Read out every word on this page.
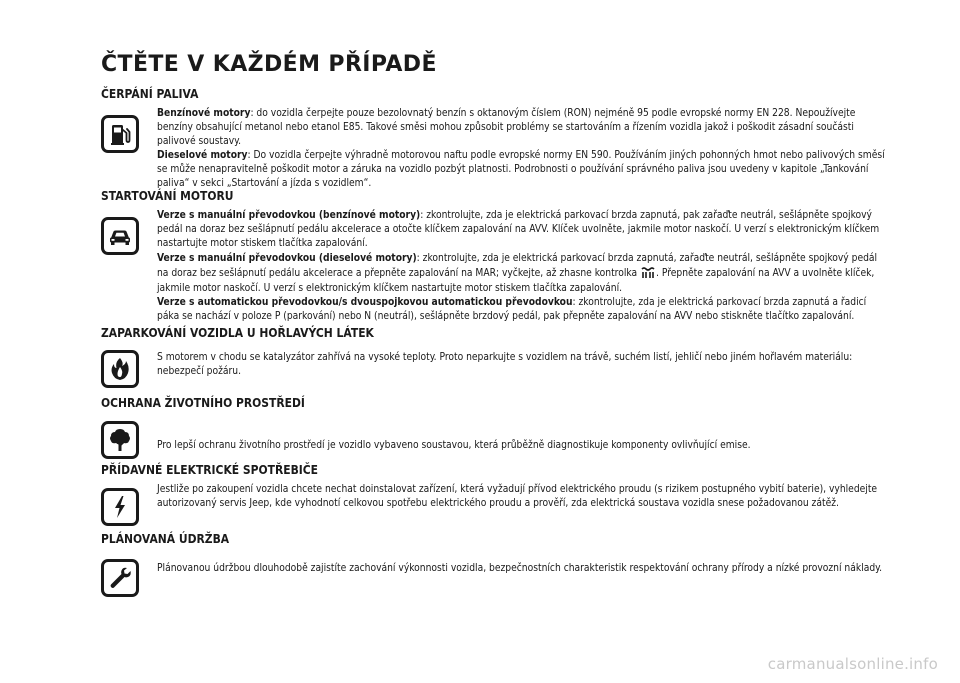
ČTĚTE V KAŽDÉM PŘÍPADĚ
ČERPÁNÍ PALIVA

Benzínové motory: do vozidla čerpejte pouze bezolovnatý benzín s oktanovým číslem (RON) nejméně 95 podle evropské normy EN 228. Nepoužívejte benzíny obsahující metanol nebo etanol E85. Takové směsi mohou způsobit problémy se startováním a řízením vozidla jakož i poškodit zásadní součásti palivové soustavy.

Dieselové motory: Do vozidla čerpejte výhradně motorovou naftu podle evropské normy EN 590. Používáním jiných pohonných hmot nebo palivových směsí se může nenapravitelně poškodit motor a záruka na vozidlo pozbýt platnosti. Podrobnosti o používání správného paliva jsou uvedeny v kapitole „Tankování paliva“ v sekci „Startování a jízda s vozidlem“.

STARTOVÁNÍ MOTORU

Verze s manuální převodovkou (benzínové motory): zkontrolujte, zda je elektrická parkovací brzda zapnutá, pak zařaďte neutrál, sešlápněte spojkový pedál na doraz bez sešlápnutí pedálu akcelerace a otočte klíčkem zapalování na AVV. Klíček uvolněte, jakmile motor naskočí. U verzí s elektronickým klíčkem nastartujte motor stiskem tlačítka zapalování.

Verze s manuální převodovkou (dieselové motory): zkontrolujte, zda je elektrická parkovací brzda zapnutá, zařaďte neutrál, sešlápněte spojkový pedál na doraz bez sešlápnutí pedálu akcelerace a přepněte zapalování na MAR; vyčkejte, až zhasne kontrolka
. Přepněte zapalování na AVV a uvolněte klíček, jakmile motor naskočí. U verzí s elektronickým klíčkem nastartujte motor stiskem tlačítka zapalování.

Verze s automatickou převodovkou/s dvouspojkovou automatickou převodovkou: zkontrolujte, zda je elektrická parkovací brzda zapnutá a řadicí páka se nachází v poloze P (parkování) nebo N (neutrál), sešlápněte brzdový pedál, pak přepněte zapalování na AVV nebo stiskněte tlačítko zapalování.

ZAPARKOVÁNÍ VOZIDLA U HOŘLAVÝCH LÁTEK

S motorem v chodu se katalyzátor zahřívá na vysoké teploty. Proto neparkujte s vozidlem na trávě, suchém listí, jehličí nebo jiném hořlavém materiálu: nebezpečí požáru.

OCHRANA ŽIVOTNÍHO PROSTŘEDÍ

Pro lepší ochranu životního prostředí je vozidlo vybaveno soustavou, která průběžně diagnostikuje komponenty ovlivňující emise.

PŘÍDAVNÉ ELEKTRICKÉ SPOTŘEBIČE

Jestliže po zakoupení vozidla chcete nechat doinstalovat zařízení, která vyžadují přívod elektrického proudu (s rizikem postupného vybití baterie), vyhledejte autorizovaný servis Jeep, kde vyhodnotí celkovou spotřebu elektrického proudu a prověří, zda elektrická soustava vozidla snese požadovanou zátěž.

PLÁNOVANÁ ÚDRŽBA

Plánovanou údržbou dlouhodobě zajistíte zachování výkonnosti vozidla, bezpečnostních charakteristik respektování ochrany přírody a nízké provozní náklady.

carmanualsonline.info
